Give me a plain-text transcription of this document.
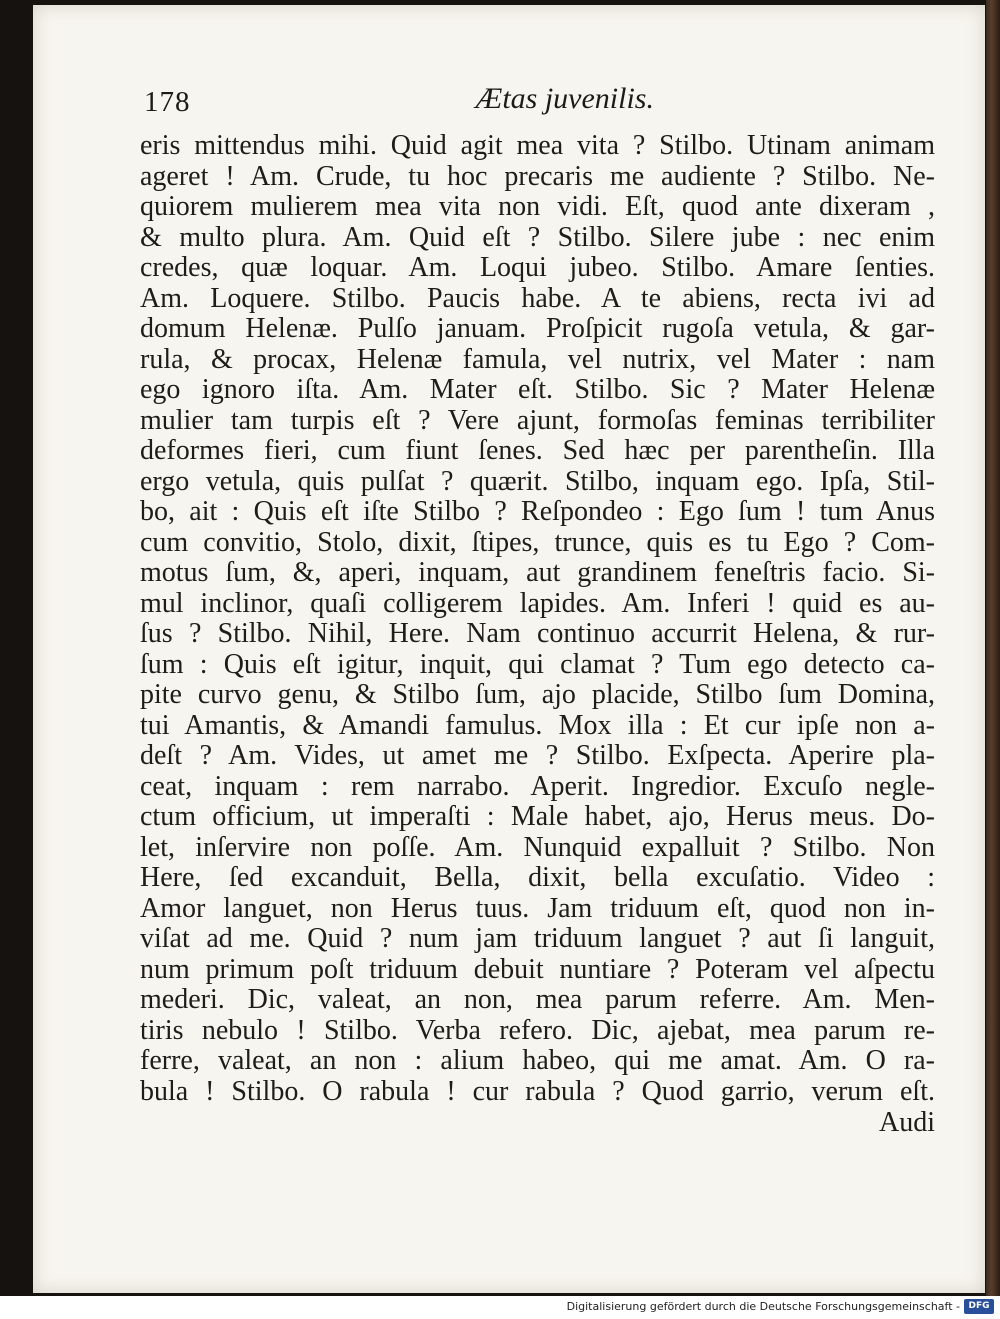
178	Ætas juvenilis.
eris mittendus mihi. Quid agit mea vita ? Stilbo. Utinam animam
ageret ! Am. Crude, tu hoc precaris me audiente ? Stilbo. Ne-
quiorem mulierem mea vita non vidi. Eſt, quod ante dixeram ,
& multo plura. Am. Quid eſt ? Stilbo. Silere jube : nec enim
credes, quæ loquar. Am. Loqui jubeo. Stilbo. Amare ſenties.
Am. Loquere. Stilbo. Paucis habe. A te abiens, recta ivi ad
domum Helenæ. Pulſo januam. Proſpicit rugoſa vetula, & gar-
rula, & procax, Helenæ famula, vel nutrix, vel Mater : nam
ego ignoro iſta. Am. Mater eſt. Stilbo. Sic ? Mater Helenæ
mulier tam turpis eſt ? Vere ajunt, formoſas feminas terribiliter
deformes fieri, cum fiunt ſenes. Sed hæc per parentheſin. Illa
ergo vetula, quis pulſat ? quærit. Stilbo, inquam ego. Ipſa, Stil-
bo, ait : Quis eſt iſte Stilbo ? Reſpondeo : Ego ſum ! tum Anus
cum convitio, Stolo, dixit, ſtipes, trunce, quis es tu Ego ? Com-
motus ſum, &, aperi, inquam, aut grandinem feneſtris facio. Si-
mul inclinor, quaſi colligerem lapides. Am. Inferi ! quid es au-
ſus ? Stilbo. Nihil, Here. Nam continuo accurrit Helena, & rur-
ſum : Quis eſt igitur, inquit, qui clamat ? Tum ego detecto ca-
pite curvo genu, & Stilbo ſum, ajo placide, Stilbo ſum Domina,
tui Amantis, & Amandi famulus. Mox illa : Et cur ipſe non a-
deſt ? Am. Vides, ut amet me ? Stilbo. Exſpecta. Aperire pla-
ceat, inquam : rem narrabo. Aperit. Ingredior. Excuſo negle-
ctum officium, ut imperaſti : Male habet, ajo, Herus meus. Do-
let, inſervire non poſſe. Am. Nunquid expalluit ? Stilbo. Non
Here, ſed excanduit, Bella, dixit, bella excuſatio. Video :
Amor languet, non Herus tuus. Jam triduum eſt, quod non in-
viſat ad me. Quid ? num jam triduum languet ? aut ſi languit,
num primum poſt triduum debuit nuntiare ? Poteram vel aſpectu
mederi. Dic, valeat, an non, mea parum referre. Am. Men-
tiris nebulo ! Stilbo. Verba refero. Dic, ajebat, mea parum re-
ferre, valeat, an non : alium habeo, qui me amat. Am. O ra-
bula ! Stilbo. O rabula ! cur rabula ? Quod garrio, verum eſt.
Audi
Digitalisierung gefördert durch die Deutsche Forschungsgemeinschaft - DFG
